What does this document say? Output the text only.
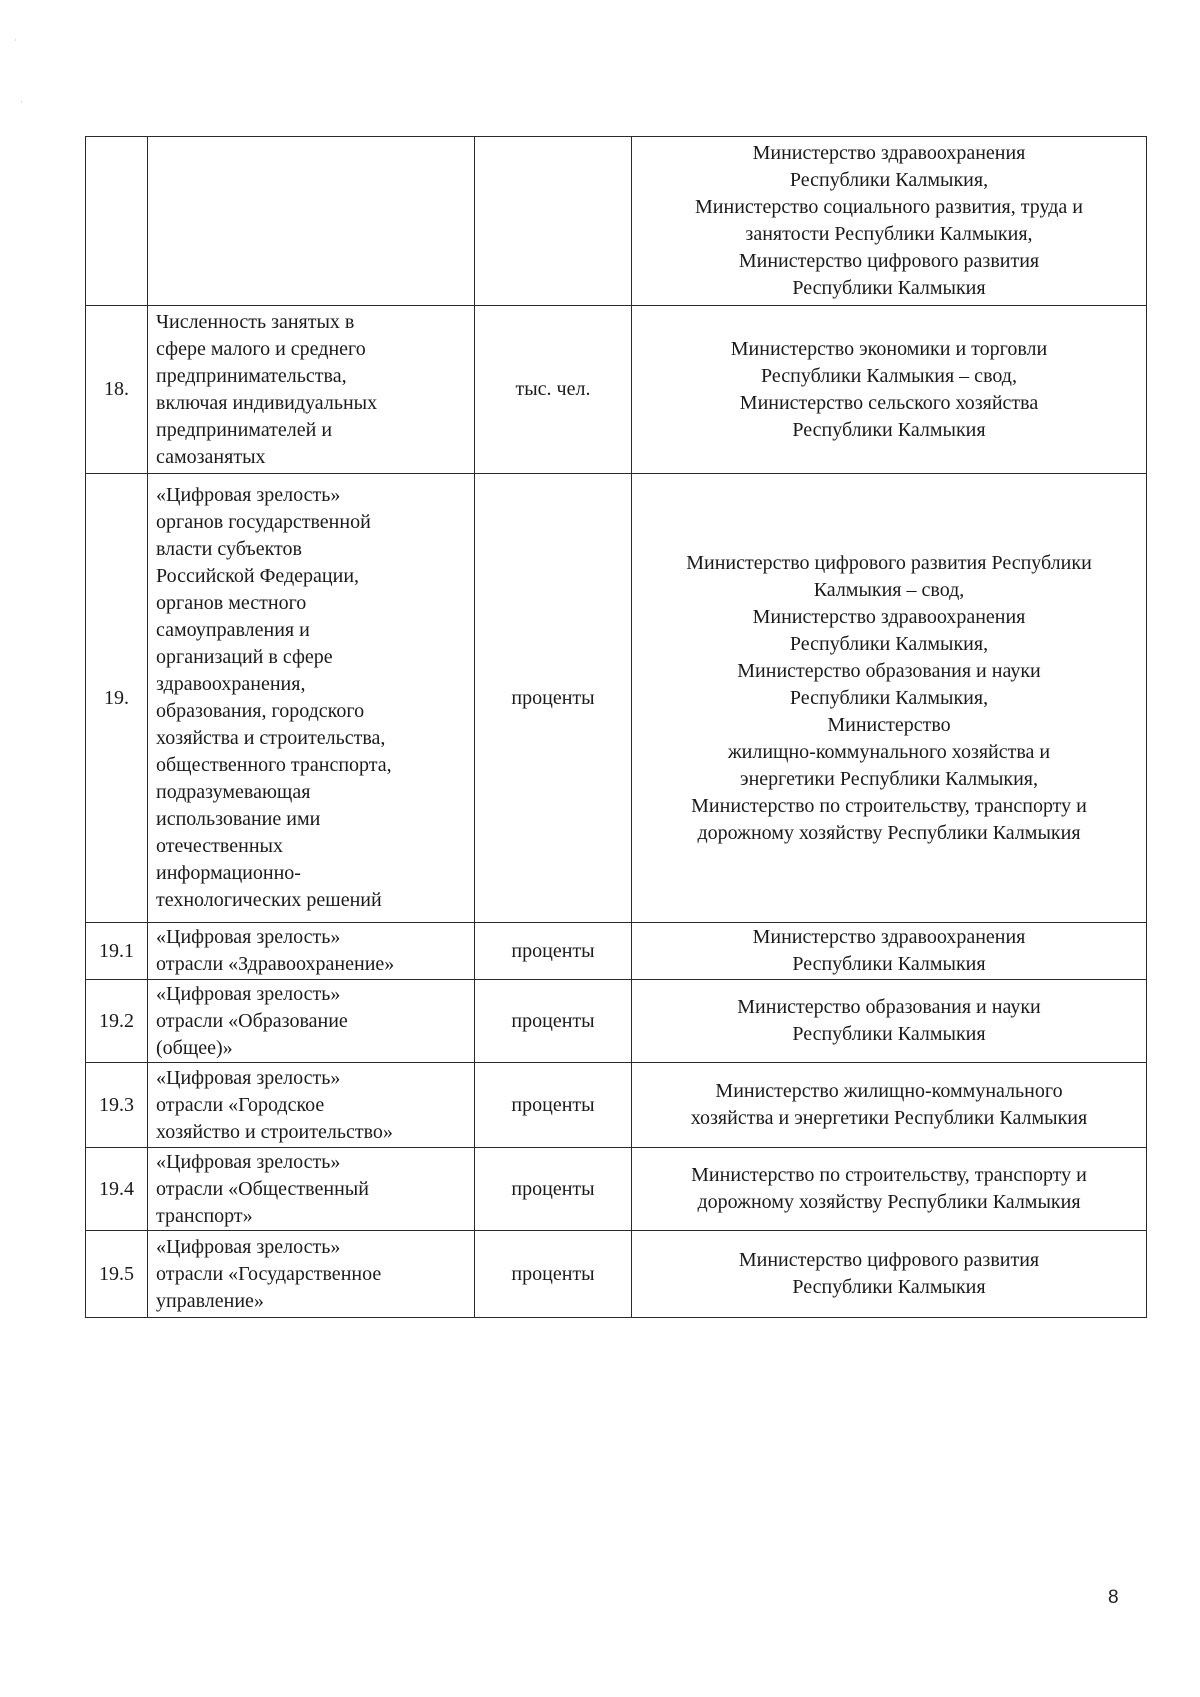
Министерство здравоохранения
Республики Калмыкия,
Министерство социального развития, труда и
занятости Республики Калмыкия,
Министерство цифрового развития
Республики Калмыкия
18.
Численность занятых в
сфере малого и среднего
предпринимательства,
включая индивидуальных
предпринимателей и
самозанятых
тыс. чел.
Министерство экономики и торговли
Республики Калмыкия – свод,
Министерство сельского хозяйства
Республики Калмыкия
19.
«Цифровая зрелость»
органов государственной
власти субъектов
Российской Федерации,
органов местного
самоуправления и
организаций в сфере
здравоохранения,
образования, городского
хозяйства и строительства,
общественного транспорта,
подразумевающая
использование ими
отечественных
информационно-
технологических решений
проценты
Министерство цифрового развития Республики
Калмыкия – свод,
Министерство здравоохранения
Республики Калмыкия,
Министерство образования и науки
Республики Калмыкия,
Министерство
жилищно-коммунального хозяйства и
энергетики Республики Калмыкия,
Министерство по строительству, транспорту и
дорожному хозяйству Республики Калмыкия
19.1
«Цифровая зрелость»
отрасли «Здравоохранение»
проценты
Министерство здравоохранения
Республики Калмыкия
19.2
«Цифровая зрелость»
отрасли «Образование
(общее)»
проценты
Министерство образования и науки
Республики Калмыкия
19.3
«Цифровая зрелость»
отрасли «Городское
хозяйство и строительство»
проценты
Министерство жилищно-коммунального
хозяйства и энергетики Республики Калмыкия
19.4
«Цифровая зрелость»
отрасли «Общественный
транспорт»
проценты
Министерство по строительству, транспорту и
дорожному хозяйству Республики Калмыкия
19.5
«Цифровая зрелость»
отрасли «Государственное
управление»
проценты
Министерство цифрового развития
Республики Калмыкия
8
·
·
